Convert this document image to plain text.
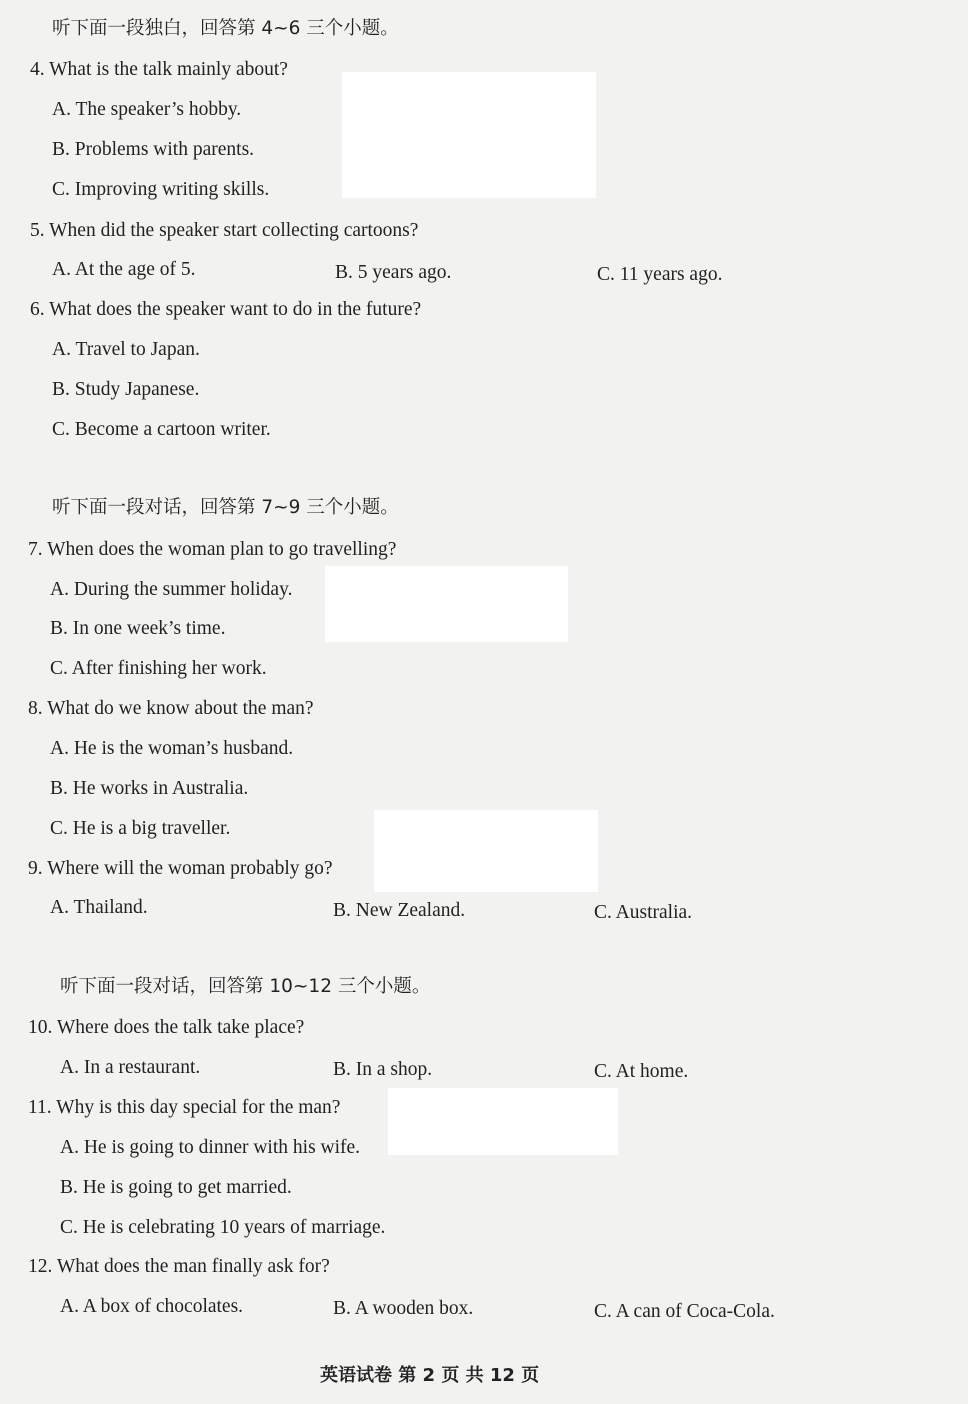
听下面一段独白，回答第 4~6 三个小题。
4. What is the talk mainly about?
A. The speaker’s hobby.
B. Problems with parents.
C. Improving writing skills.
5. When did the speaker start collecting cartoons?
A. At the age of 5.	B. 5 years ago.	C. 11 years ago.
6. What does the speaker want to do in the future?
A. Travel to Japan.
B. Study Japanese.
C. Become a cartoon writer.
听下面一段对话，回答第 7~9 三个小题。
7. When does the woman plan to go travelling?
A. During the summer holiday.
B. In one week’s time.
C. After finishing her work.
8. What do we know about the man?
A. He is the woman’s husband.
B. He works in Australia.
C. He is a big traveller.
9. Where will the woman probably go?
A. Thailand.	B. New Zealand.	C. Australia.
听下面一段对话，回答第 10~12 三个小题。
10. Where does the talk take place?
A. In a restaurant.	B. In a shop.	C. At home.
11. Why is this day special for the man?
A. He is going to dinner with his wife.
B. He is going to get married.
C. He is celebrating 10 years of marriage.
12. What does the man finally ask for?
A. A box of chocolates.	B. A wooden box.	C. A can of Coca-Cola.
英语试卷 第 2 页 共 12 页
